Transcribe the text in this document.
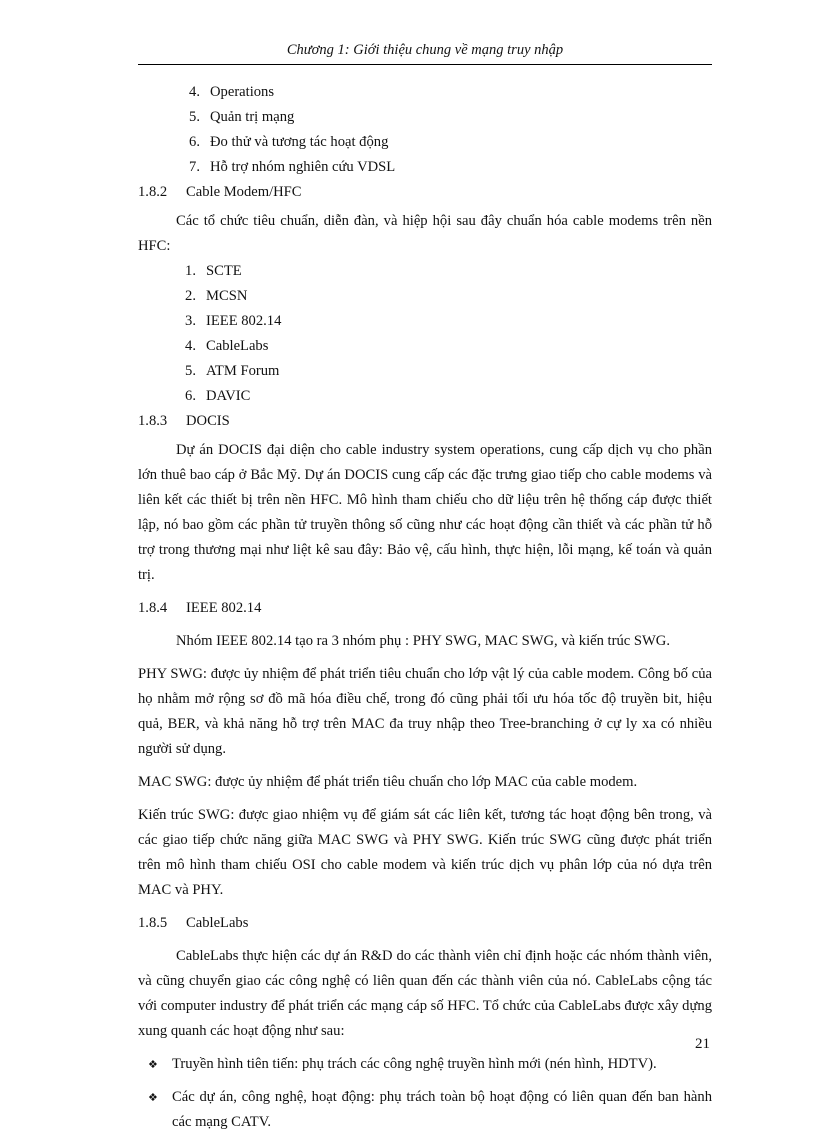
Chương 1: Giới thiệu chung về mạng truy nhập
4. Operations
5. Quản trị mạng
6. Đo thử và tương tác hoạt động
7. Hỗ trợ nhóm nghiên cứu VDSL
1.8.2	Cable Modem/HFC

Các tổ chức tiêu chuẩn, diễn đàn, và hiệp hội sau đây chuẩn hóa cable modems trên nền HFC:

1. SCTE
2. MCSN
3. IEEE 802.14
4. CableLabs
5. ATM Forum
6. DAVIC
1.8.3	DOCIS

Dự án DOCIS đại diện cho cable industry system operations, cung cấp dịch vụ cho phần lớn thuê bao cáp ở Bắc Mỹ. Dự án DOCIS cung cấp các đặc trưng giao tiếp cho cable modems và liên kết các thiết bị trên nền HFC. Mô hình tham chiếu cho dữ liệu trên hệ thống cáp được thiết lập, nó bao gồm các phần tử truyền thông số cũng như các hoạt động cần thiết và các phần tử hỗ trợ trong thương mại như liệt kê sau đây: Bảo vệ, cấu hình, thực hiện, lỗi mạng, kế toán và quản trị.

1.8.4	IEEE 802.14

Nhóm IEEE 802.14 tạo ra 3 nhóm phụ : PHY SWG, MAC SWG, và kiến trúc SWG.

PHY SWG: được ủy nhiệm để phát triển tiêu chuẩn cho lớp vật lý của cable modem. Công bố của họ nhằm mở rộng sơ đồ mã hóa điều chế, trong đó cũng phải tối ưu hóa tốc độ truyền bit, hiệu quả, BER, và khả năng hỗ trợ trên MAC đa truy nhập theo Tree-branching ở cự ly xa có nhiều người sử dụng.

MAC SWG: được ủy nhiệm để phát triển tiêu chuẩn cho lớp MAC của cable modem.

Kiến trúc SWG: được giao nhiệm vụ để giám sát các liên kết, tương tác hoạt động bên trong, và các giao tiếp chức năng giữa MAC SWG và PHY SWG. Kiến trúc SWG cũng được phát triển trên mô hình tham chiếu OSI cho cable modem và kiến trúc dịch vụ phân lớp của nó dựa trên MAC và PHY.

1.8.5	CableLabs

CableLabs thực hiện các dự án R&D do các thành viên chỉ định hoặc các nhóm thành viên, và cũng chuyển giao các công nghệ có liên quan đến các thành viên của nó. CableLabs cộng tác với computer industry để phát triển các mạng cáp số HFC. Tổ chức của CableLabs được xây dựng xung quanh các hoạt động như sau:

❖ Truyền hình tiên tiến: phụ trách các công nghệ truyền hình mới (nén hình, HDTV).
❖ Các dự án, công nghệ, hoạt động: phụ trách toàn bộ hoạt động có liên quan đến ban hành các mạng CATV.
21
